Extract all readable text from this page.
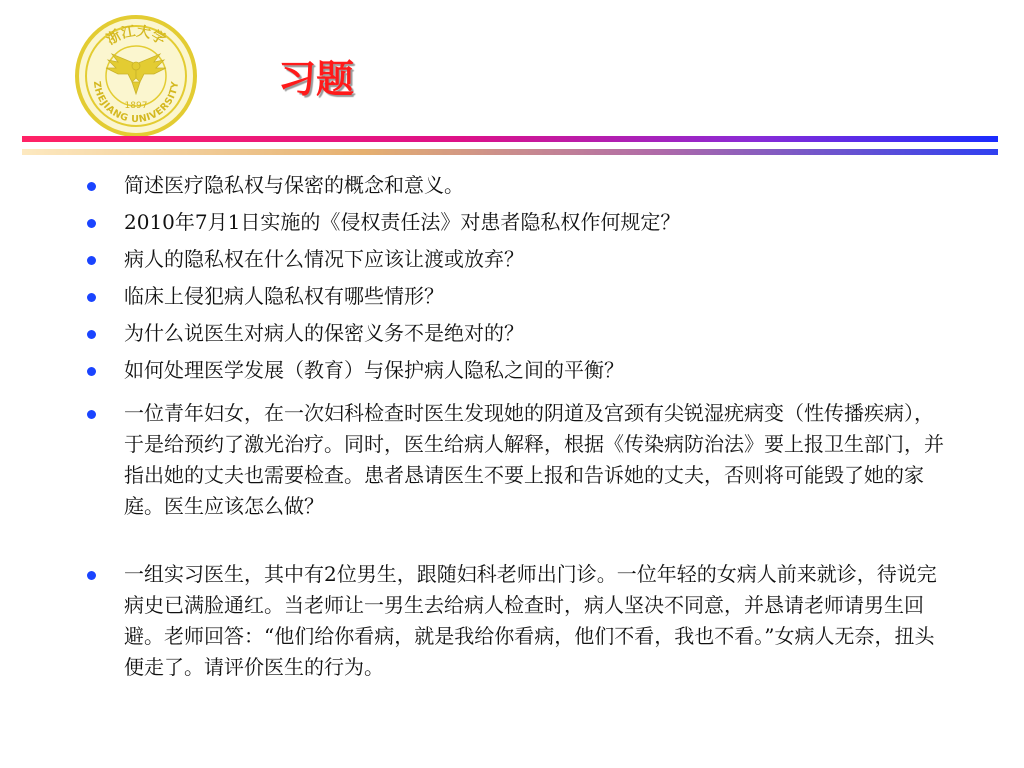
浙江大学
1897
ZHEJIANG UNIVERSITY	习题
简述医疗隐私权与保密的概念和意义。
2010年7月1日实施的《侵权责任法》对患者隐私权作何规定？
病人的隐私权在什么情况下应该让渡或放弃？
临床上侵犯病人隐私权有哪些情形？
为什么说医生对病人的保密义务不是绝对的？
如何处理医学发展（教育）与保护病人隐私之间的平衡？
一位青年妇女，在一次妇科检查时医生发现她的阴道及宫颈有尖锐湿疣病变（性传播疾病），于是给预约了激光治疗。同时，医生给病人解释，根据《传染病防治法》要上报卫生部门，并指出她的丈夫也需要检查。患者恳请医生不要上报和告诉她的丈夫，否则将可能毁了她的家庭。医生应该怎么做？
一组实习医生，其中有2位男生，跟随妇科老师出门诊。一位年轻的女病人前来就诊，待说完病史已满脸通红。当老师让一男生去给病人检查时，病人坚决不同意，并恳请老师请男生回避。老师回答：“他们给你看病，就是我给你看病，他们不看，我也不看。”女病人无奈，扭头便走了。请评价医生的行为。
